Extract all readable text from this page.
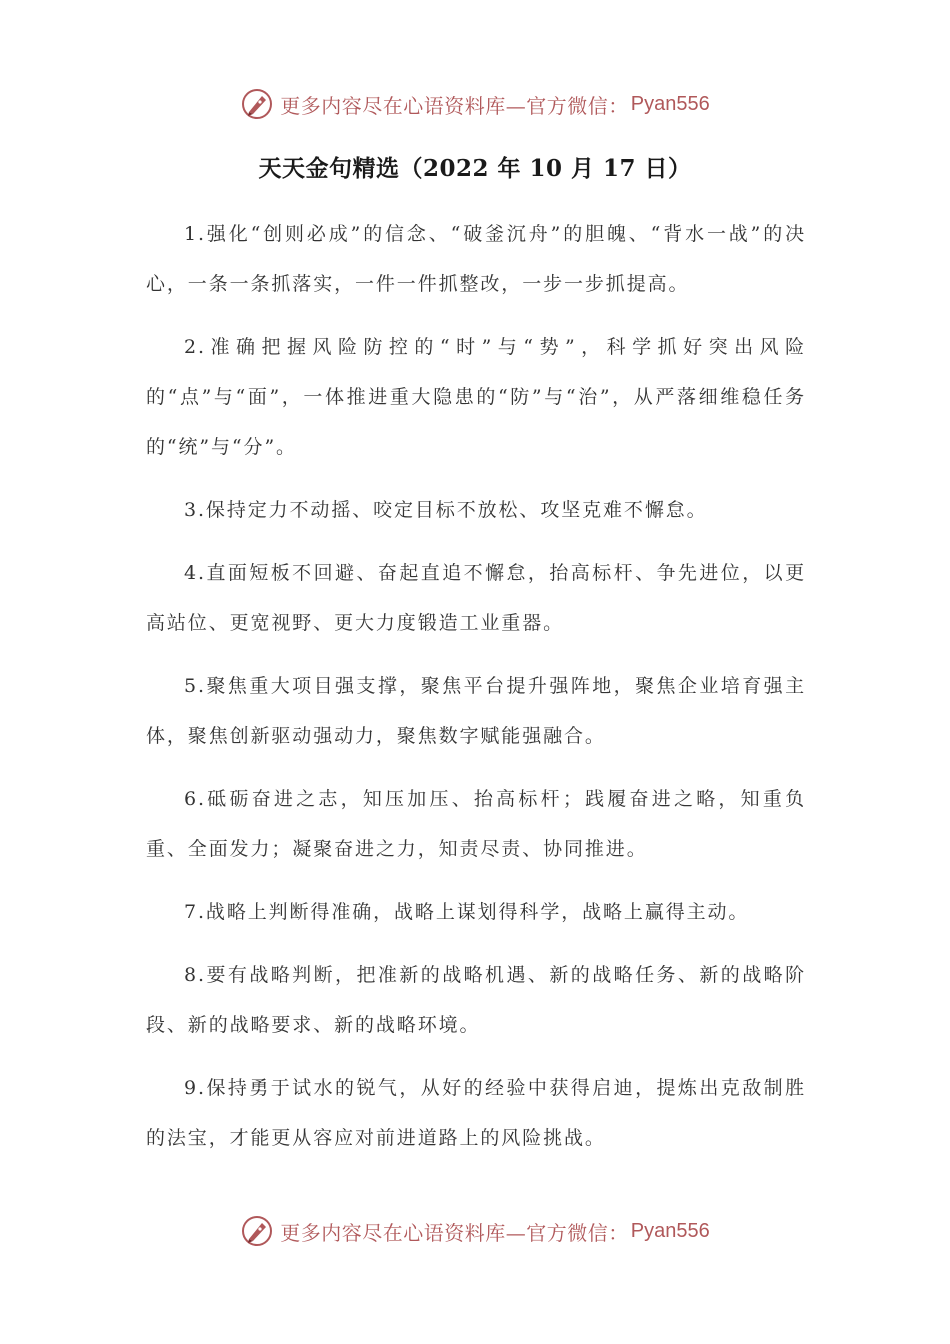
更多内容尽在心语资料库—官方微信： Pyan556
天天金句精选（2022 年 10 月 17 日）

1.强化“创则必成”的信念、“破釜沉舟”的胆魄、“背水一战”的决心，一条一条抓落实，一件一件抓整改，一步一步抓提高。

2.准确把握风险防控的“时”与“势”，科学抓好突出风险的“点”与“面”，一体推进重大隐患的“防”与“治”，从严落细维稳任务的“统”与“分”。

3.保持定力不动摇、咬定目标不放松、攻坚克难不懈怠。

4.直面短板不回避、奋起直追不懈怠，抬高标杆、争先进位，以更高站位、更宽视野、更大力度锻造工业重器。

5.聚焦重大项目强支撑，聚焦平台提升强阵地，聚焦企业培育强主体，聚焦创新驱动强动力，聚焦数字赋能强融合。

6.砥砺奋进之志，知压加压、抬高标杆；践履奋进之略，知重负重、全面发力；凝聚奋进之力，知责尽责、协同推进。

7.战略上判断得准确，战略上谋划得科学，战略上赢得主动。

8.要有战略判断，把准新的战略机遇、新的战略任务、新的战略阶段、新的战略要求、新的战略环境。

9.保持勇于试水的锐气，从好的经验中获得启迪，提炼出克敌制胜的法宝，才能更从容应对前进道路上的风险挑战。

更多内容尽在心语资料库—官方微信： Pyan556
